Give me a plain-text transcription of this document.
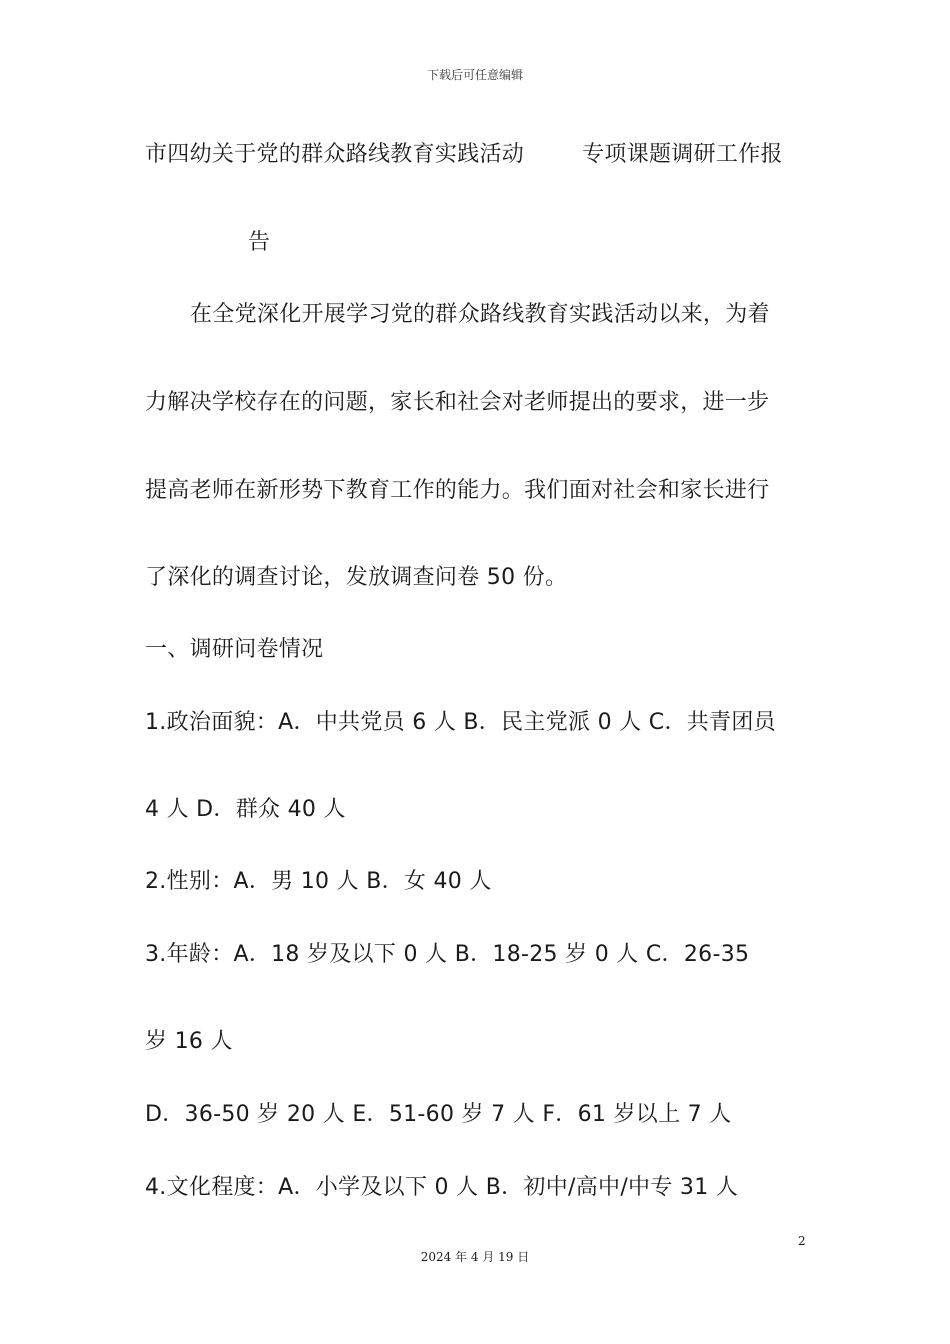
下载后可任意编辑
市四幼关于党的群众路线教育实践活动	专项课题调研工作报
告
在全党深化开展学习党的群众路线教育实践活动以来，为着
力解决学校存在的问题，家长和社会对老师提出的要求，进一步
提高老师在新形势下教育工作的能力。我们面对社会和家长进行
了深化的调查讨论，发放调查问卷 50 份。
一、调研问卷情况
1.政治面貌：A．中共党员 6 人 B．民主党派 0 人 C．共青团员
4 人 D．群众 40 人
2.性别：A．男 10 人 B．女 40 人
3.年龄：A．18 岁及以下 0 人 B．18-25 岁 0 人 C．26-35
岁 16 人
D．36-50 岁 20 人 E．51-60 岁 7 人 F．61 岁以上 7 人
4.文化程度：A．小学及以下 0 人 B．初中/高中/中专 31 人
2
2024 年 4 月 19 日
